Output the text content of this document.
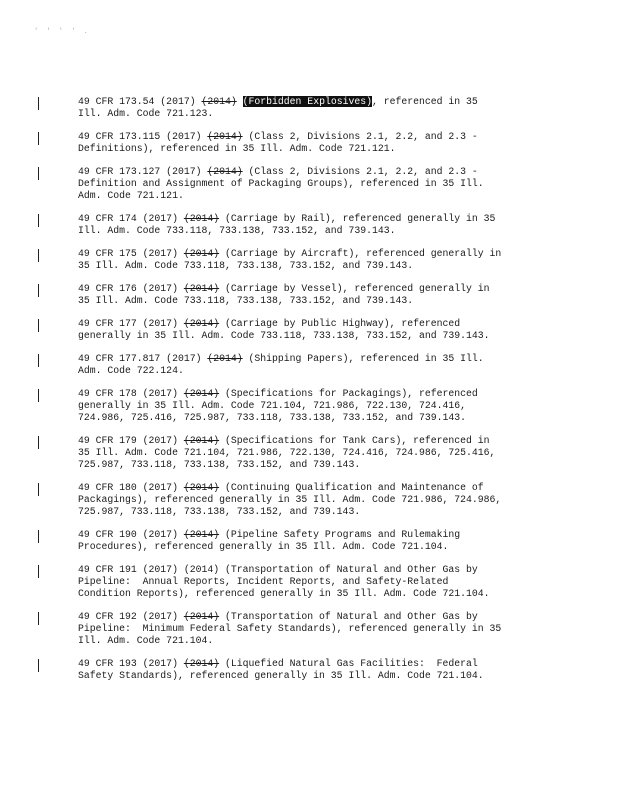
' ' ' ' .
49 CFR 173.54 (2017) (2014) (Forbidden Explosives), referenced in 35
Ill. Adm. Code 721.123.
49 CFR 173.115 (2017) (2014) (Class 2, Divisions 2.1, 2.2, and 2.3 -
Definitions), referenced in 35 Ill. Adm. Code 721.121.
49 CFR 173.127 (2017) (2014) (Class 2, Divisions 2.1, 2.2, and 2.3 -
Definition and Assignment of Packaging Groups), referenced in 35 Ill.
Adm. Code 721.121.
49 CFR 174 (2017) (2014) (Carriage by Rail), referenced generally in 35
Ill. Adm. Code 733.118, 733.138, 733.152, and 739.143.
49 CFR 175 (2017) (2014) (Carriage by Aircraft), referenced generally in
35 Ill. Adm. Code 733.118, 733.138, 733.152, and 739.143.
49 CFR 176 (2017) (2014) (Carriage by Vessel), referenced generally in
35 Ill. Adm. Code 733.118, 733.138, 733.152, and 739.143.
49 CFR 177 (2017) (2014) (Carriage by Public Highway), referenced
generally in 35 Ill. Adm. Code 733.118, 733.138, 733.152, and 739.143.
49 CFR 177.817 (2017) (2014) (Shipping Papers), referenced in 35 Ill.
Adm. Code 722.124.
49 CFR 178 (2017) (2014) (Specifications for Packagings), referenced
generally in 35 Ill. Adm. Code 721.104, 721.986, 722.130, 724.416,
724.986, 725.416, 725.987, 733.118, 733.138, 733.152, and 739.143.
49 CFR 179 (2017) (2014) (Specifications for Tank Cars), referenced in
35 Ill. Adm. Code 721.104, 721.986, 722.130, 724.416, 724.986, 725.416,
725.987, 733.118, 733.138, 733.152, and 739.143.
49 CFR 180 (2017) (2014) (Continuing Qualification and Maintenance of
Packagings), referenced generally in 35 Ill. Adm. Code 721.986, 724.986,
725.987, 733.118, 733.138, 733.152, and 739.143.
49 CFR 190 (2017) (2014) (Pipeline Safety Programs and Rulemaking
Procedures), referenced generally in 35 Ill. Adm. Code 721.104.
49 CFR 191 (2017) (2014) (Transportation of Natural and Other Gas by
Pipeline:  Annual Reports, Incident Reports, and Safety-Related
Condition Reports), referenced generally in 35 Ill. Adm. Code 721.104.
49 CFR 192 (2017) (2014) (Transportation of Natural and Other Gas by
Pipeline:  Minimum Federal Safety Standards), referenced generally in 35
Ill. Adm. Code 721.104.
49 CFR 193 (2017) (2014) (Liquefied Natural Gas Facilities:  Federal
Safety Standards), referenced generally in 35 Ill. Adm. Code 721.104.
